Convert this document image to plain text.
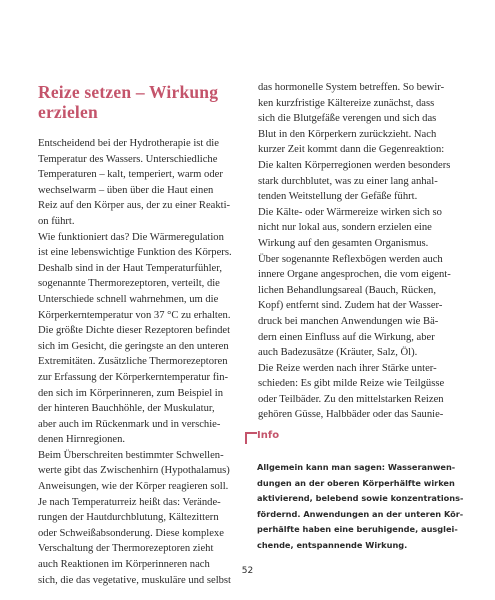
Reize setzen – Wirkung erzielen

Entscheidend bei der Hydrotherapie ist die
Temperatur des Wassers. Unterschiedliche
Temperaturen – kalt, temperiert, warm oder
wechselwarm – üben über die Haut einen
Reiz auf den Körper aus, der zu einer Reakti-
on führt.
Wie funktioniert das? Die Wärmeregulation
ist eine lebenswichtige Funktion des Körpers.
Deshalb sind in der Haut Temperaturfühler,
sogenannte Thermorezeptoren, verteilt, die
Unterschiede schnell wahrnehmen, um die
Körperkerntemperatur von 37 °C zu erhalten.
Die größte Dichte dieser Rezeptoren befindet
sich im Gesicht, die geringste an den unteren
Extremitäten. Zusätzliche Thermorezeptoren
zur Erfassung der Körperkerntemperatur fin-
den sich im Körperinneren, zum Beispiel in
der hinteren Bauchhöhle, der Muskulatur,
aber auch im Rückenmark und in verschie-
denen Hirnregionen.
Beim Überschreiten bestimmter Schwellen-
werte gibt das Zwischenhirn (Hypothalamus)
Anweisungen, wie der Körper reagieren soll.
Je nach Temperaturreiz heißt das: Verände-
rungen der Hautdurchblutung, Kältezittern
oder Schweißabsonderung. Diese komplexe
Verschaltung der Thermorezeptoren zieht
auch Reaktionen im Körperinneren nach
sich, die das vegetative, muskuläre und selbst

das hormonelle System betreffen. So bewir-
ken kurzfristige Kältereize zunächst, dass
sich die Blutgefäße verengen und sich das
Blut in den Körperkern zurückzieht. Nach
kurzer Zeit kommt dann die Gegenreaktion:
Die kalten Körperregionen werden besonders
stark durchblutet, was zu einer lang anhal-
tenden Weitstellung der Gefäße führt.
Die Kälte- oder Wärmereize wirken sich so
nicht nur lokal aus, sondern erzielen eine
Wirkung auf den gesamten Organismus.
Über sogenannte Reflexbögen werden auch
innere Organe angesprochen, die vom eigent-
lichen Behandlungsareal (Bauch, Rücken,
Kopf) entfernt sind. Zudem hat der Wasser-
druck bei manchen Anwendungen wie Bä-
dern einen Einfluss auf die Wirkung, aber
auch Badezusätze (Kräuter, Salz, Öl).
Die Reize werden nach ihrer Stärke unter-
schieden: Es gibt milde Reize wie Teilgüsse
oder Teilbäder. Zu den mittelstarken Reizen
gehören Güsse, Halbbäder oder das Saunie-

Info
Allgemein kann man sagen: Wasseranwen-
dungen an der oberen Körperhälfte wirken
aktivierend, belebend sowie konzentrations-
fördernd. Anwendungen an der unteren Kör-
perhälfte haben eine beruhigende, ausglei-
chende, entspannende Wirkung.
52
